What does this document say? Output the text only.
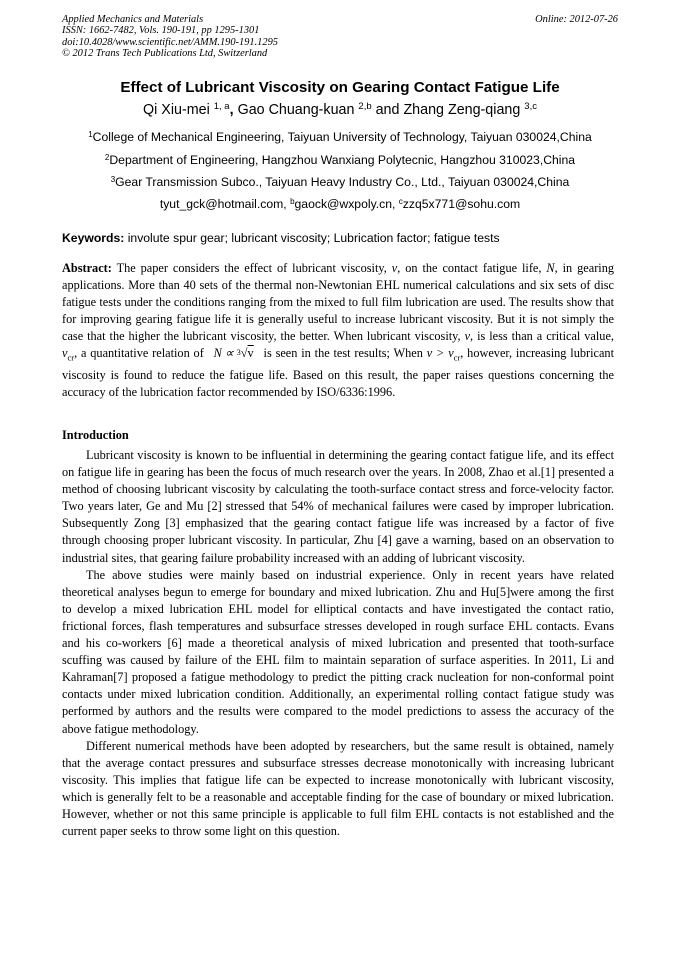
Applied Mechanics and Materials
ISSN: 1662-7482, Vols. 190-191, pp 1295-1301
doi:10.4028/www.scientific.net/AMM.190-191.1295
© 2012 Trans Tech Publications Ltd, Switzerland
Online: 2012-07-26
Effect of Lubricant Viscosity on Gearing Contact Fatigue Life
Qi Xiu-mei $^{1, a}$, Gao Chuang-kuan $^{2,b}$ and Zhang Zeng-qiang $^{3,c}$
$^1$College of Mechanical Engineering, Taiyuan University of Technology, Taiyuan 030024,China
$^2$Department of Engineering, Hangzhou Wanxiang Polytecnic, Hangzhou 310023,China
$^3$Gear Transmission Subco., Taiyuan Heavy Industry Co., Ltd., Taiyuan 030024,China
tyut_gck@hotmail.com, $^b$gaock@wxpoly.cn, $^c$zzq5x771@sohu.com
Keywords: involute spur gear; lubricant viscosity; Lubrication factor; fatigue tests
Abstract: The paper considers the effect of lubricant viscosity, v, on the contact fatigue life, N, in gearing applications. More than 40 sets of the thermal non-Newtonian EHL numerical calculations and six sets of disc fatigue tests under the conditions ranging from the mixed to full film lubrication are used. The results show that for improving gearing fatigue life it is generally useful to increase lubricant viscosity. But it is not simply the case that the higher the lubricant viscosity, the better. When lubricant viscosity, v, is less than a critical value, $v_{cr}$, a quantitative relation of N ∝ $^3$√v is seen in the test results; When $v > v_{cr}$, however, increasing lubricant viscosity is found to reduce the fatigue life. Based on this result, the paper raises questions concerning the accuracy of the lubrication factor recommended by ISO/6336:1996.
Introduction

Lubricant viscosity is known to be influential in determining the gearing contact fatigue life, and its effect on fatigue life in gearing has been the focus of much research over the years. In 2008, Zhao et al.[1] presented a method of choosing lubricant viscosity by calculating the tooth-surface contact stress and force-velocity factor. Two years later, Ge and Mu [2] stressed that 54% of mechanical failures were cased by improper lubrication. Subsequently Zong [3] emphasized that the gearing contact fatigue life was increased by a factor of five through choosing proper lubricant viscosity. In particular, Zhu [4] gave a warning, based on an observation to industrial sites, that gearing failure probability increased with an adding of lubricant viscosity.

The above studies were mainly based on industrial experience. Only in recent years have related theoretical analyses begun to emerge for boundary and mixed lubrication. Zhu and Hu[5]were among the first to develop a mixed lubrication EHL model for elliptical contacts and have investigated the contact ratio, frictional forces, flash temperatures and subsurface stresses developed in rough surface EHL contacts. Evans and his co-workers [6] made a theoretical analysis of mixed lubrication and presented that tooth-surface scuffing was caused by failure of the EHL film to maintain separation of surface asperities. In 2011, Li and Kahraman[7] proposed a fatigue methodology to predict the pitting crack nucleation for non-conformal point contacts under mixed lubrication condition. Additionally, an experimental rolling contact fatigue study was performed by authors and the results were compared to the model predictions to assess the accuracy of the above fatigue methodology.

Different numerical methods have been adopted by researchers, but the same result is obtained, namely that the average contact pressures and subsurface stresses decrease monotonically with increasing lubricant viscosity. This implies that fatigue life can be expected to increase monotonically with lubricant viscosity, which is generally felt to be a reasonable and acceptable finding for the case of boundary or mixed lubrication. However, whether or not this same principle is applicable to full film EHL contacts is not established and the current paper seeks to throw some light on this question.
